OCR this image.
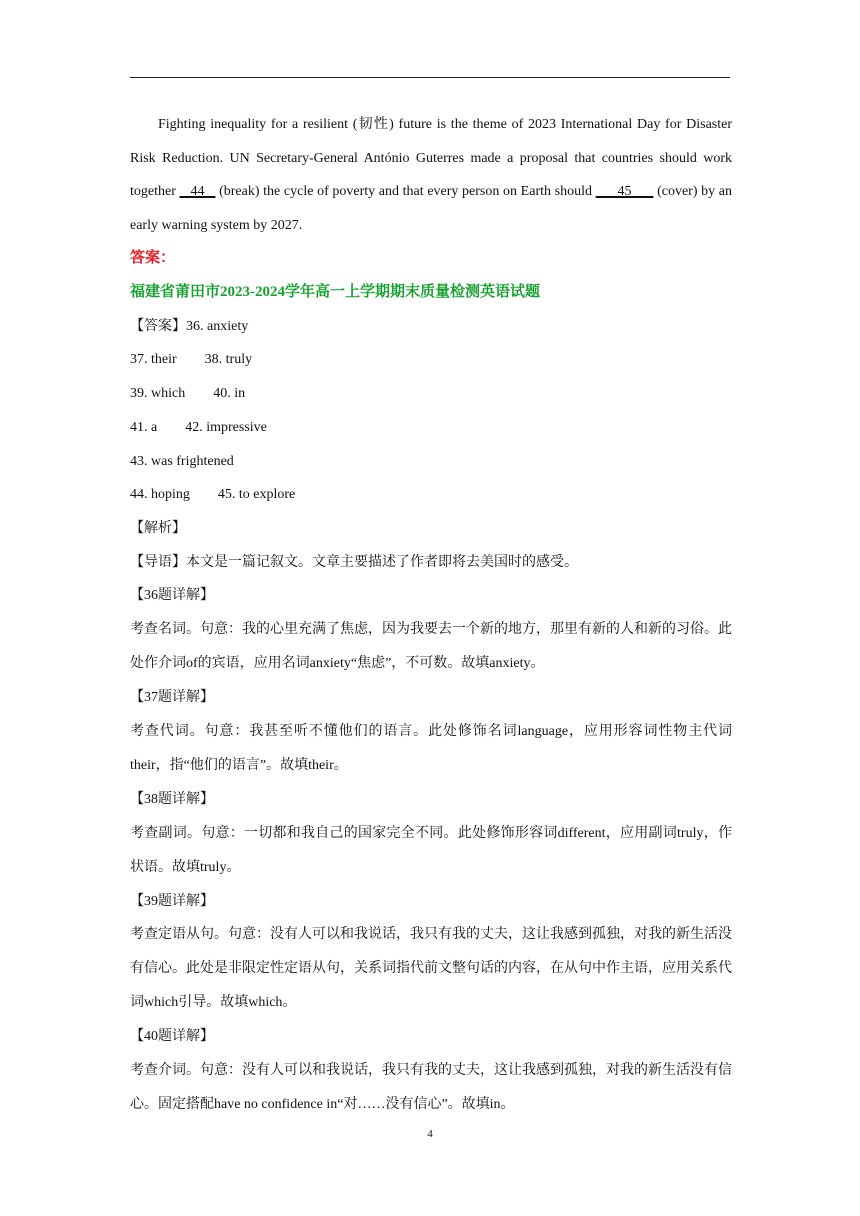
Fighting inequality for a resilient (韧性) future is the theme of 2023 International Day for Disaster Risk Reduction. UN Secretary-General António Guterres made a proposal that countries should work together    44    (break) the cycle of poverty and that every person on Earth should       45       (cover) by an early warning system by 2027.
答案：
福建省莆田市2023-2024学年高一上学期期末质量检测英语试题
【答案】36. anxiety
37. their 38. truly
39. which 40. in
41. a 42. impressive
43. was frightened
44. hoping 45. to explore
【解析】
【导语】本文是一篇记叙文。文章主要描述了作者即将去美国时的感受。
【36题详解】
考查名词。句意：我的心里充满了焦虑，因为我要去一个新的地方，那里有新的人和新的习俗。此处作介词of的宾语，应用名词anxiety“焦虑”，不可数。故填anxiety。
【37题详解】
考查代词。句意：我甚至听不懂他们的语言。此处修饰名词language，应用形容词性物主代词their，指“他们的语言”。故填their。
【38题详解】
考查副词。句意：一切都和我自己的国家完全不同。此处修饰形容词different，应用副词truly，作状语。故填truly。
【39题详解】
考查定语从句。句意：没有人可以和我说话，我只有我的丈夫，这让我感到孤独，对我的新生活没有信心。此处是非限定性定语从句，关系词指代前文整句话的内容，在从句中作主语，应用关系代词which引导。故填which。
【40题详解】
考查介词。句意：没有人可以和我说话，我只有我的丈夫，这让我感到孤独，对我的新生活没有信心。固定搭配have no confidence in“对……没有信心”。故填in。
4
